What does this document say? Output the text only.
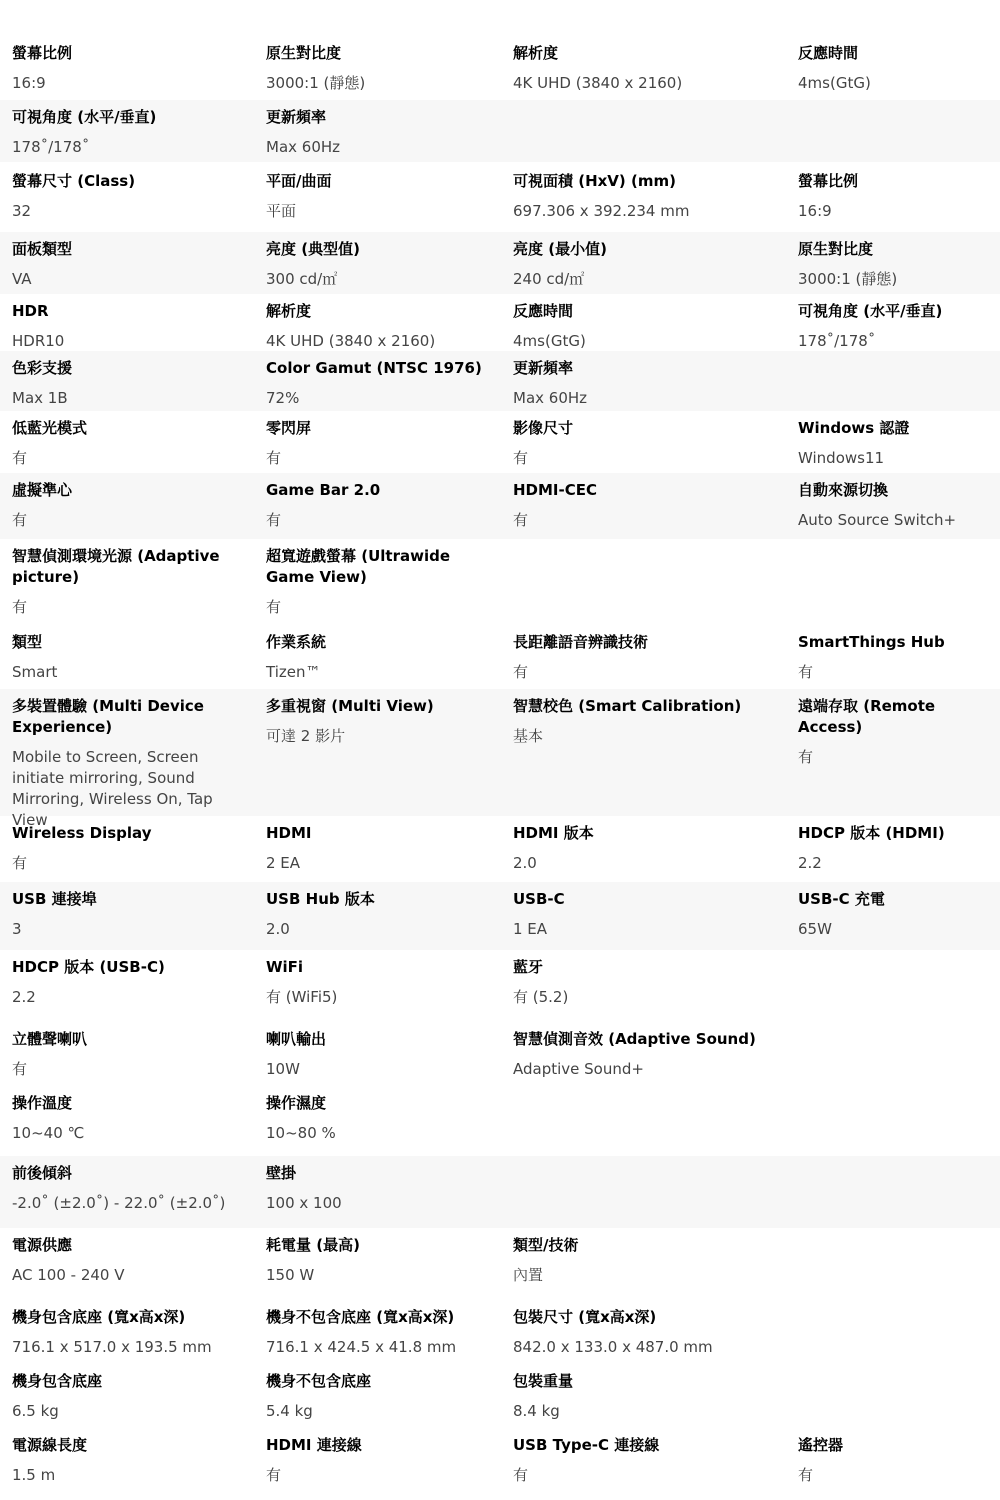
螢幕比例
16:9
原生對比度
3000:1 (靜態)
解析度
4K UHD (3840 x 2160)
反應時間
4ms(GtG)
可視角度 (水平/垂直)
178˚/178˚
更新頻率
Max 60Hz
螢幕尺寸 (Class)
32
平面/曲面
平面
可視面積 (HxV) (mm)
697.306 x 392.234 mm
螢幕比例
16:9
面板類型
VA
亮度 (典型值)
300 cd/㎡
亮度 (最小值)
240 cd/㎡
原生對比度
3000:1 (靜態)
HDR
HDR10
解析度
4K UHD (3840 x 2160)
反應時間
4ms(GtG)
可視角度 (水平/垂直)
178˚/178˚
色彩支援
Max 1B
Color Gamut (NTSC 1976)
72%
更新頻率
Max 60Hz
低藍光模式
有
零閃屏
有
影像尺寸
有
Windows 認證
Windows11
虛擬準心
有
Game Bar 2.0
有
HDMI-CEC
有
自動來源切換
Auto Source Switch+
智慧偵測環境光源 (Adaptive picture)
有
超寬遊戲螢幕 (Ultrawide Game View)
有
類型
Smart
作業系統
Tizen™
長距離語音辨識技術
有
SmartThings Hub
有
多裝置體驗 (Multi Device Experience)
Mobile to Screen, Screen initiate mirroring, Sound Mirroring, Wireless On, Tap View
多重視窗 (Multi View)
可達 2 影片
智慧校色 (Smart Calibration)
基本
遠端存取 (Remote Access)
有
Wireless Display
有
HDMI
2 EA
HDMI 版本
2.0
HDCP 版本 (HDMI)
2.2
USB 連接埠
3
USB Hub 版本
2.0
USB-C
1 EA
USB-C 充電
65W
HDCP 版本 (USB-C)
2.2
WiFi
有 (WiFi5)
藍牙
有 (5.2)
立體聲喇叭
有
喇叭輸出
10W
智慧偵測音效 (Adaptive Sound)
Adaptive Sound+
操作溫度
10~40 ℃
操作濕度
10~80 %
前後傾斜
-2.0˚ (±2.0˚) - 22.0˚ (±2.0˚)
壁掛
100 x 100
電源供應
AC 100 - 240 V
耗電量 (最高)
150 W
類型/技術
內置
機身包含底座 (寬x高x深)
716.1 x 517.0 x 193.5 mm
機身不包含底座 (寬x高x深)
716.1 x 424.5 x 41.8 mm
包裝尺寸 (寬x高x深)
842.0 x 133.0 x 487.0 mm
機身包含底座
6.5 kg
機身不包含底座
5.4 kg
包裝重量
8.4 kg
電源線長度
1.5 m
HDMI 連接線
有
USB Type-C 連接線
有
遙控器
有
